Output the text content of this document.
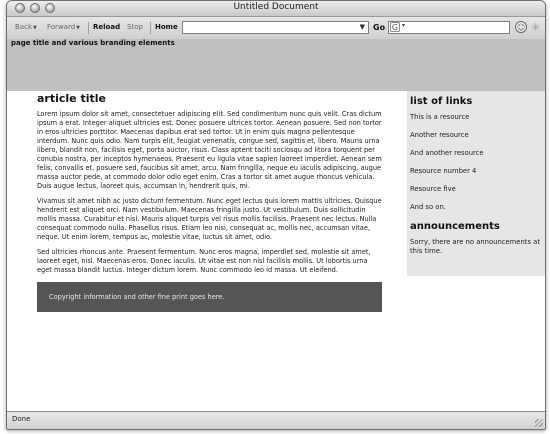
Untitled Document
Back▼ Forward▼ Reload Stop Home	▼ Go G ▾	☺ ✳
page title and various branding elements
article title

Lorem ipsum dolor sit amet, consectetuer adipiscing elit. Sed condimentum nunc quis velit. Cras dictum ipsum a erat. Integer aliquet ultricies est. Donec posuere ultrices tortor. Aenean posuere. Sed non tortor in eros ultricies porttitor. Maecenas dapibus erat sed tortor. Ut in enim quis magna pellentesque interdum. Nunc quis odio. Nam turpis elit, feugiat venenatis, congue sed, sagittis et, libero. Mauris urna libero, blandit non, facilisis eget, porta auctor, risus. Class aptent taciti sociosqu ad litora torquent per conubia nostra, per inceptos hymenaeos. Praesent eu ligula vitae sapien laoreet imperdiet. Aenean sem felis, convallis et, posuere sed, faucibus sit amet, arcu. Nam fringilla, neque eu iaculis adipiscing, augue massa auctor pede, at commodo dolor odio eget enim. Cras a tortor sit amet augue rhoncus vehicula. Duis augue lectus, laoreet quis, accumsan in, hendrerit quis, mi.

Vivamus sit amet nibh ac justo dictum fermentum. Nunc eget lectus quis lorem mattis ultricies. Quisque hendrerit est aliquet orci. Nam vestibulum. Maecenas fringilla justo. Ut vestibulum. Duis sollicitudin mollis massa. Curabitur et nisl. Mauris aliquet turpis vel risus mollis facilisis. Praesent nec lectus. Nulla consequat commodo nulla. Phasellus risus. Etiam leo nisi, consequat ac, mollis nec, accumsan vitae, neque. Ut enim lorem, tempus ac, molestie vitae, luctus sit amet, odio.

Sed ultricies rhoncus ante. Praesent fermentum. Nunc eros magna, imperdiet sed, molestie sit amet, laoreet eget, nisl. Maecenas eros. Donec iaculis. Ut vitae est non nisl facilisis mollis. Ut lobortis urna eget massa blandit luctus. Integer dictum lorem. Nunc commodo leo id massa. Ut eleifend.

Copyright information and other fine print goes here.
list of links
This is a resource
Another resource
And another resource
Resource number 4
Resource five
And so on.
announcements
Sorry, there are no announcements at this time.
Done
